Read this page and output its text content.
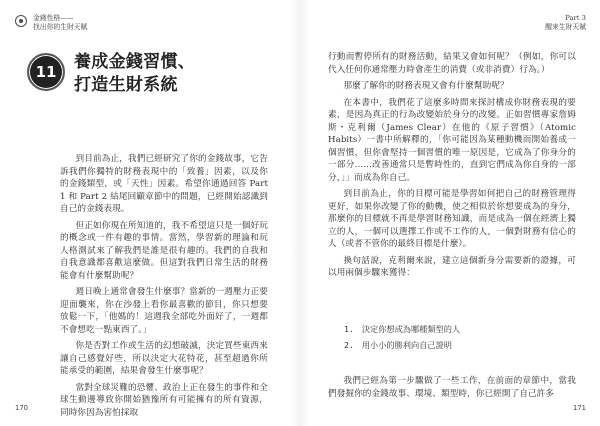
金錢性格——
找出你的生財天賦
11 養成金錢習慣、
打造生財系統

到目前為止，我們已經研究了你的金錢故事，它告訴我們你獨特的財務表現中的「致養」因素，以及你的金錢類型，或「天性」因素。希望你通過回答 Part 1 和 Part 2 結尾回顧章節中的問題，已經開始認識到自己的金錢表現。

但正如你現在所知道的，我不希望這只是一個好玩的概念或一件有趣的事情。當然，學習新的理論和玩人格測試來了解我們是誰是很有趣的。我們的自我和自我意識都喜歡這麼做。但這對我們日常生活的財務能會有什麼幫助呢？

週日晚上通常會發生什麼事？當新的一週壓力正要迎面襲來，你在沙發上看你最喜歡的節目，你只想要放鬆一下，「他媽的！這週我全部吃外面好了，一週都不會想吃一點東西了。」

你是否對工作或生活的幻想破滅，決定買些東西來讓自己感覺好些，所以決定大花特花，甚至超過你所能承受的範圍，結果會發生什麼事呢？

當對全球災難的恐懼、政治上正在發生的事件和全球生動邊導致你開始猶豫所有可能擁有的所有資源，同時你因為害怕採取

170
Part 3
醒來生財天賦

行動而暫停所有的財務活動，結果又會如何呢？（例如，你可以代入任何你通常壓力時會產生的消費（或非消費）行為。）

那麼了解你的財務表現又會有什麼幫助呢？

在本書中，我們花了這麼多時間來探討構成你財務表現的要素，是因為真正的行為改變始於身分的改變。正如習慣專家詹姆斯・克利爾（James Clear）在他的《原子習慣》（Atomic Habits）一書中所解釋的，「你可能因為某種動機而開始養成一個習慣，但你會堅持一個習慣的唯一原因是，它成為了你身分的一部分……改善通常只是暫時性的，直到它們成為你自身的一部分，」」而成為你自己。

到目前為止，你的目標可能是學習如何把自己的財務管理得更好，如果你改變了你的動機，使之相似於你想要成為的身分，那麼你的目標就不再是學習財務知識，而是成為一個在經濟上獨立的人，一個可以選擇工作或不工作的人，一個對財務有信心的人（或者不管你的最終目標是什麼）。

換句話說，克利爾來說，建立這個新身分需要新的證據，可以用兩個步驟來獲得：

1. 決定你想成為哪種類型的人
2. 用小小的勝利向自己證明

我們已經為第一步驟做了一些工作，在前面的章節中，當我們發掘你的金錢故事、環境、類型時，你已經開了自己許多

171
